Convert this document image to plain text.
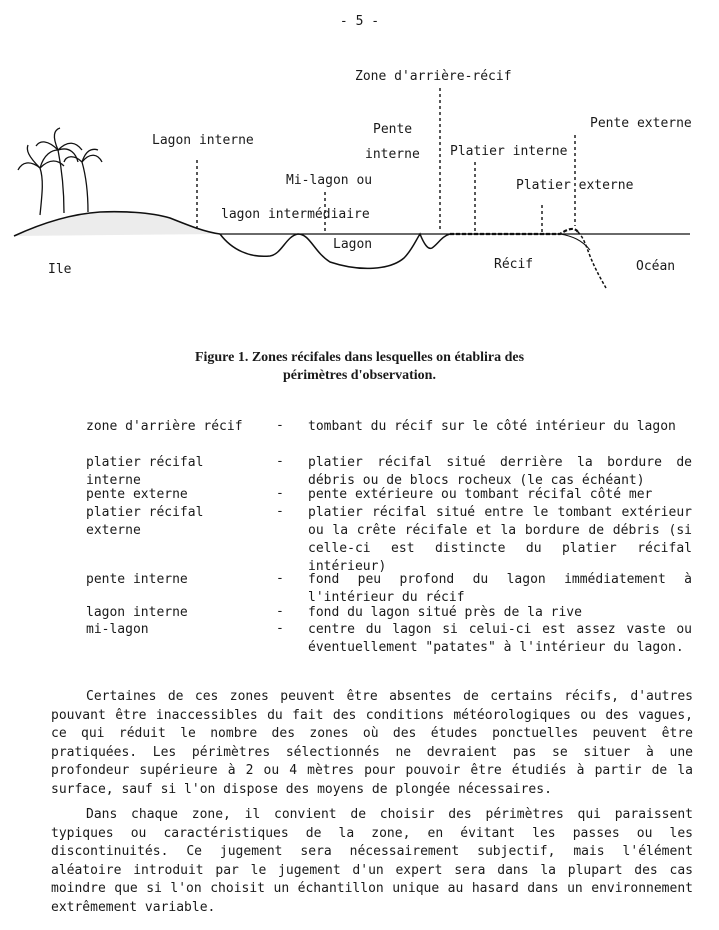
- 5 -
Zone d'arrière-récif
Lagon interne
Pente
interne Platier interne
Pente externe
Mi-lagon ou
lagon intermédiaire
Platier externe
Lagon
Ile	Récif	Océan
Figure 1. Zones récifales dans lesquelles on établira des
périmètres d'observation.
zone d'arrière récif	-	tombant du récif sur le côté intérieur du lagon
platier récifal
interne
-	platier récifal situé derrière la bordure de débris ou de blocs rocheux (le cas échéant)
pente externe	-	pente extérieure ou tombant récifal côté mer
platier récifal
externe
-	platier récifal situé entre le tombant extérieur ou la crête récifale et la bordure de débris (si celle-ci est distincte du platier récifal intérieur)
pente interne	-	fond peu profond du lagon immédiatement à l'intérieur du récif
lagon interne	-	fond du lagon situé près de la rive
mi-lagon	-	centre du lagon si celui-ci est assez vaste ou éventuellement "patates" à l'intérieur du lagon.
Certaines de ces zones peuvent être absentes de certains récifs, d'autres pouvant être inaccessibles du fait des conditions météorologiques ou des vagues, ce qui réduit le nombre des zones où des études ponctuelles peuvent être pratiquées. Les périmètres sélectionnés ne devraient pas se situer à une profondeur supérieure à 2 ou 4 mètres pour pouvoir être étudiés à partir de la surface, sauf si l'on dispose des moyens de plongée nécessaires.
Dans chaque zone, il convient de choisir des périmètres qui paraissent typiques ou caractéristiques de la zone, en évitant les passes ou les discontinuités. Ce jugement sera nécessairement subjectif, mais l'élément aléatoire introduit par le jugement d'un expert sera dans la plupart des cas moindre que si l'on choisit un échantillon unique au hasard dans un environnement extrêmement variable.
